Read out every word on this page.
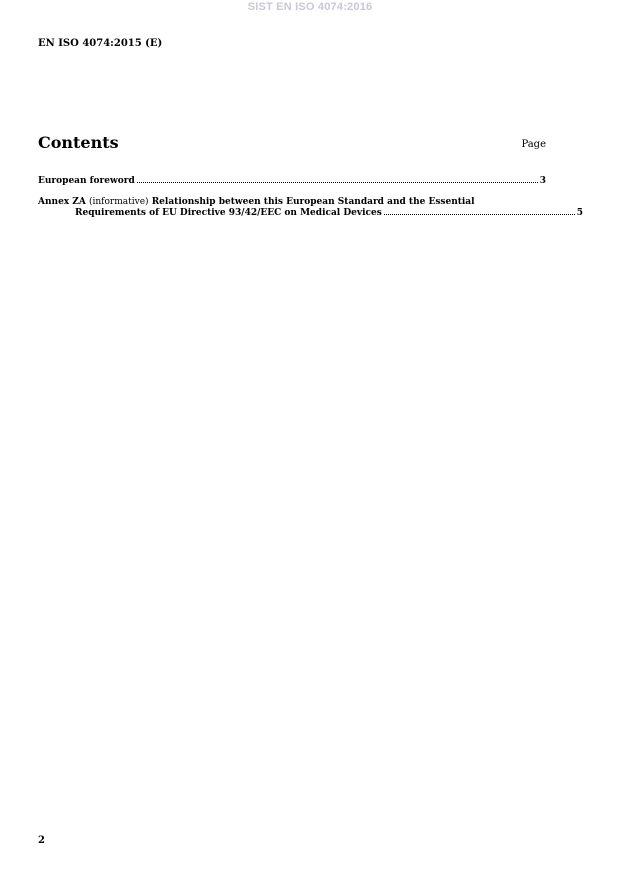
SIST EN ISO 4074:2016
EN ISO 4074:2015 (E)
Contents	Page
European foreword	3
Annex ZA (informative) Relationship between this European Standard and the Essential
Requirements of EU Directive 93/42/EEC on Medical Devices	5
2
